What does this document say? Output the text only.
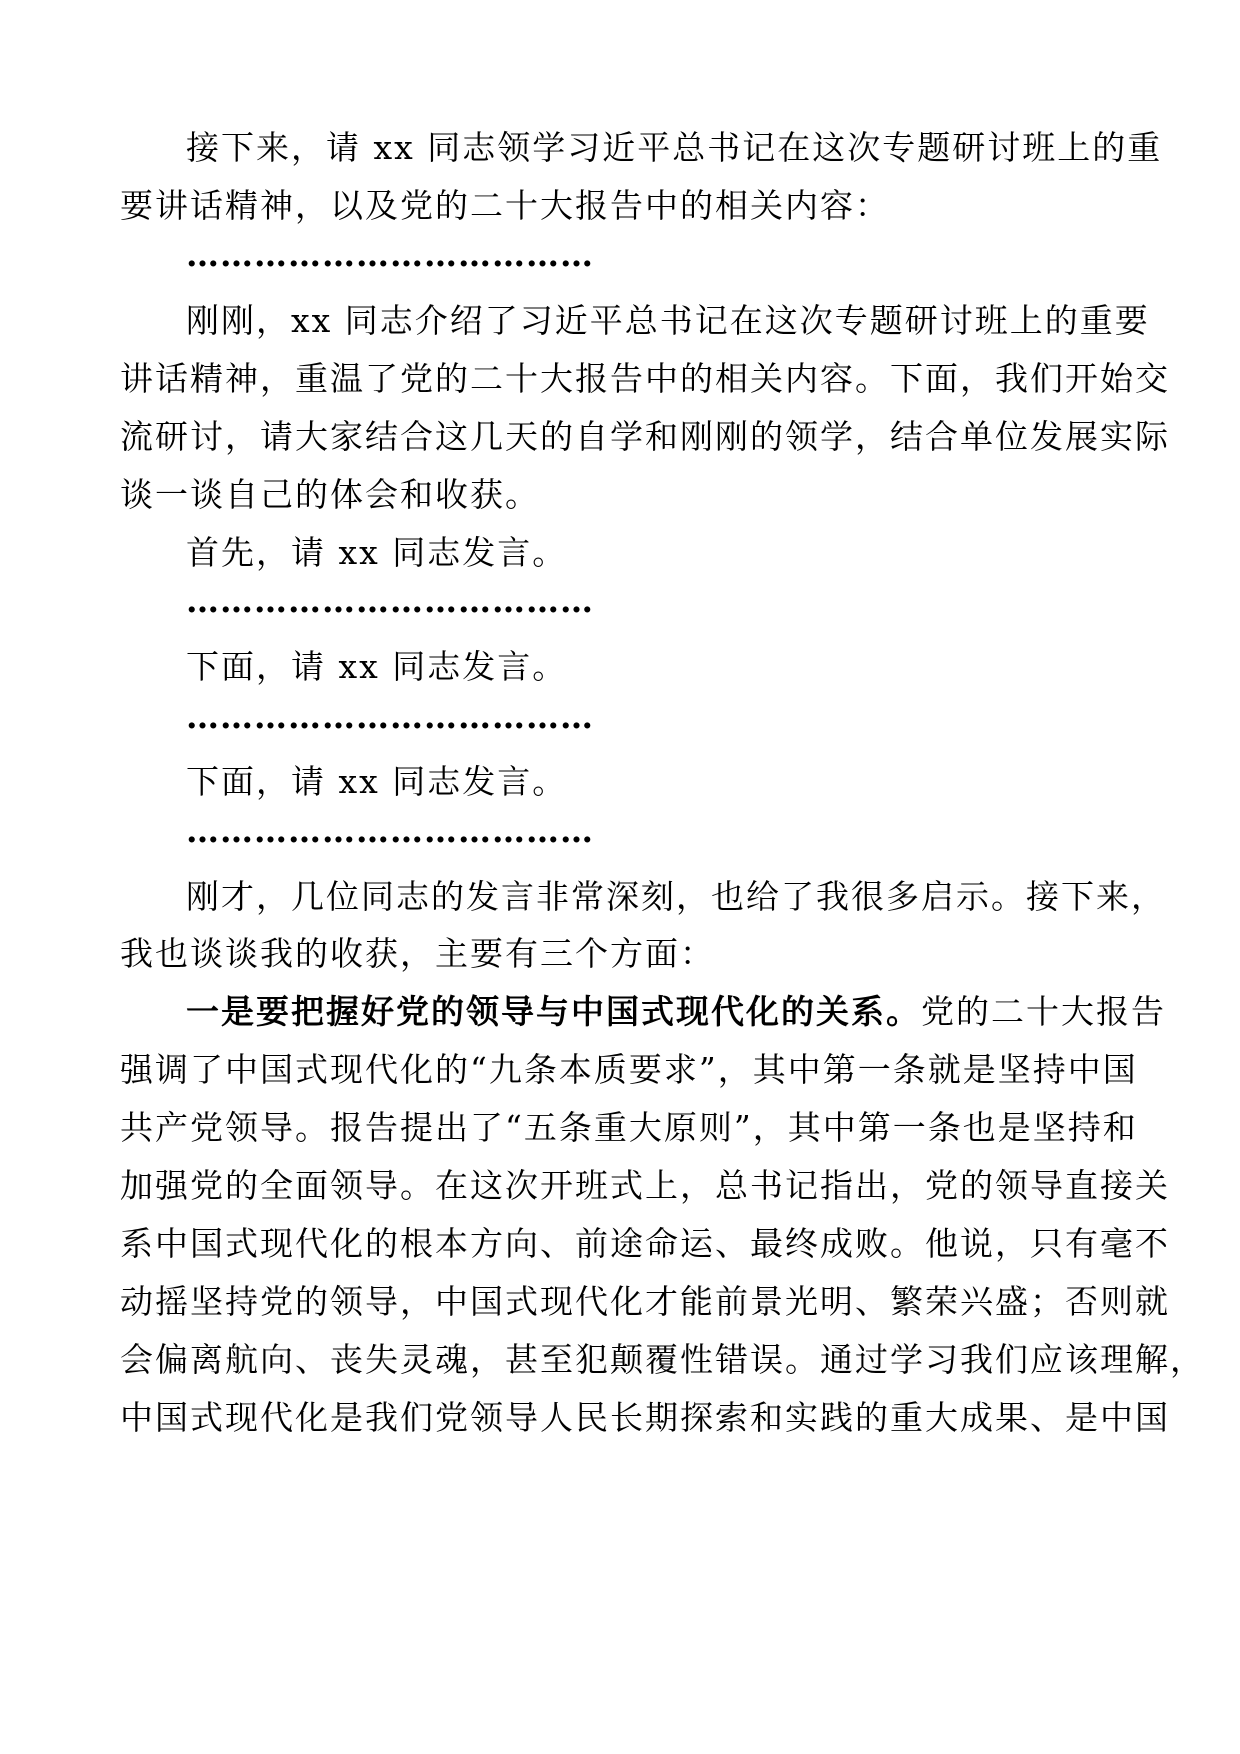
接下来，请 xx 同志领学习近平总书记在这次专题研讨班上的重
要讲话精神，以及党的二十大报告中的相关内容：
………………………………
刚刚，xx 同志介绍了习近平总书记在这次专题研讨班上的重要
讲话精神，重温了党的二十大报告中的相关内容。下面，我们开始交
流研讨，请大家结合这几天的自学和刚刚的领学，结合单位发展实际
谈一谈自己的体会和收获。
首先，请 xx 同志发言。
………………………………
下面，请 xx 同志发言。
………………………………
下面，请 xx 同志发言。
………………………………
刚才，几位同志的发言非常深刻，也给了我很多启示。接下来，
我也谈谈我的收获，主要有三个方面：
一是要把握好党的领导与中国式现代化的关系。党的二十大报告
强调了中国式现代化的“九条本质要求”，其中第一条就是坚持中国
共产党领导。报告提出了“五条重大原则”，其中第一条也是坚持和
加强党的全面领导。在这次开班式上，总书记指出，党的领导直接关
系中国式现代化的根本方向、前途命运、最终成败。他说，只有毫不
动摇坚持党的领导，中国式现代化才能前景光明、繁荣兴盛；否则就
会偏离航向、丧失灵魂，甚至犯颠覆性错误。通过学习我们应该理解，
中国式现代化是我们党领导人民长期探索和实践的重大成果、是中国
